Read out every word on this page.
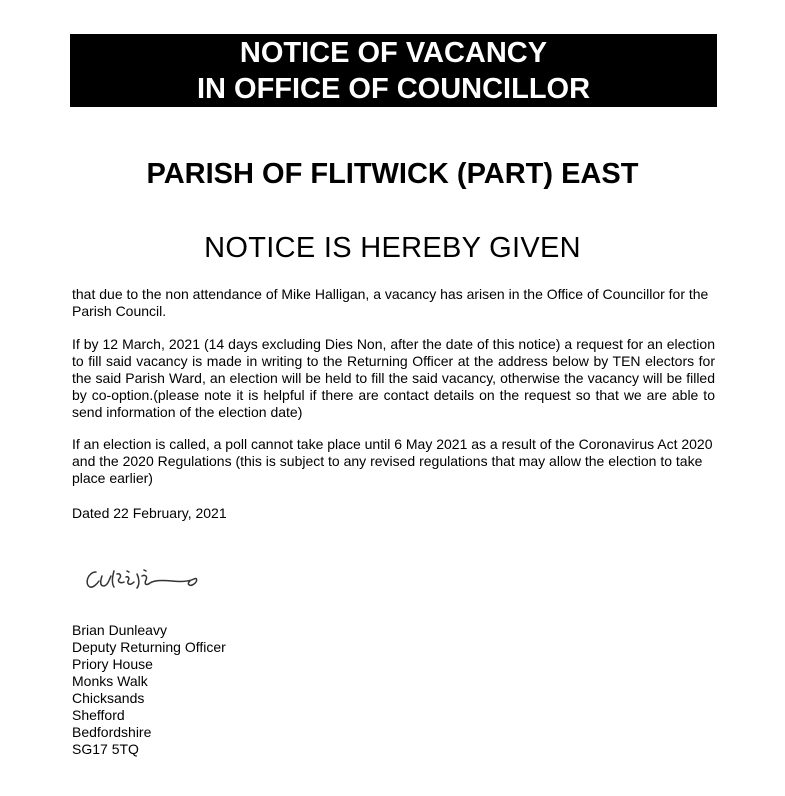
NOTICE OF VACANCY
IN OFFICE OF COUNCILLOR
PARISH OF FLITWICK (PART) EAST
NOTICE IS HEREBY GIVEN
that due to the non attendance of Mike Halligan, a vacancy has arisen in the Office of Councillor for the Parish Council.
If by 12 March, 2021 (14 days excluding Dies Non, after the date of this notice) a request for an election to fill said vacancy is made in writing to the Returning Officer at the address below by TEN electors for the said Parish Ward, an election will be held to fill the said vacancy, otherwise the vacancy will be filled by co-option.(please note it is helpful if there are contact details on the request so that we are able to send information of the election date)
If an election is called, a poll cannot take place until 6 May 2021 as a result of the Coronavirus Act 2020 and the 2020 Regulations (this is subject to any revised regulations that may allow the election to take place earlier)
Dated 22 February, 2021
Brian Dunleavy
Deputy Returning Officer
Priory House
Monks Walk
Chicksands
Shefford
Bedfordshire
SG17 5TQ
